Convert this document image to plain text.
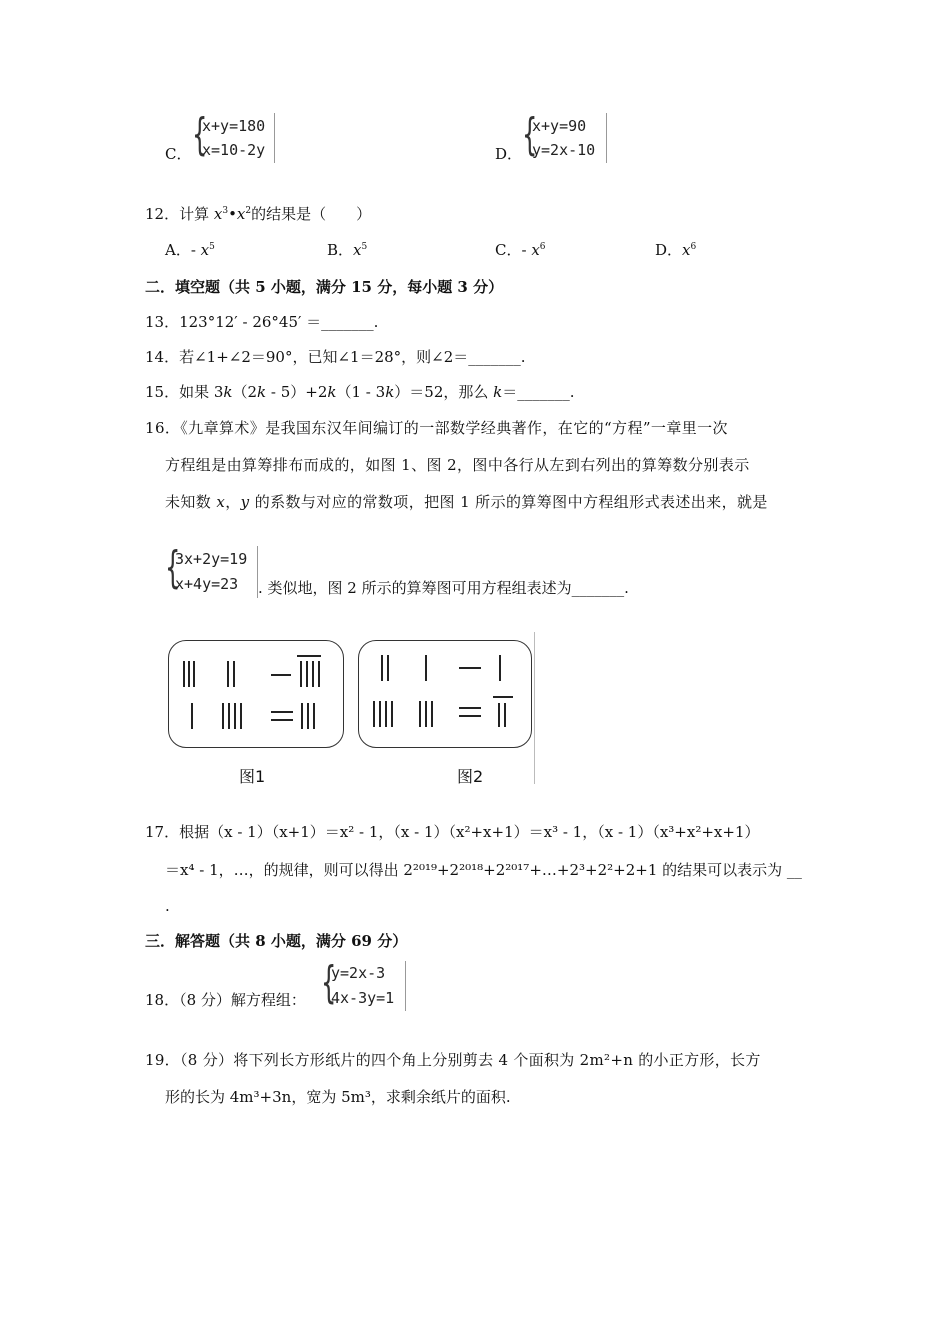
C． {
x+y=180
x=10-2y	D． {
x+y=90
y=2x-10
12．计算 $x^3•x^2$的结果是（　　）
A．- $x^5$	B．$x^5$	C．- $x^6$	D．$x^6$
二．填空题（共 5 小题，满分 15 分，每小题 3 分）
13．123°12′ - 26°45′ ＝_______.
14．若∠1+∠2＝90°，已知∠1＝28°，则∠2＝_______.
15．如果 3k（2k - 5）+2k（1 - 3k）＝52，那么 k＝_______.
16．《九章算术》是我国东汉年间编订的一部数学经典著作，在它的“方程”一章里一次
方程组是由算筹排布而成的，如图 1、图 2，图中各行从左到右列出的算筹数分别表示
未知数 x，y 的系数与对应的常数项，把图 1 所示的算筹图中方程组形式表述出来，就是
{
3x+2y=19
x+4y=23 . 类似地，图 2 所示的算筹图可用方程组表述为_______.
图1	图2
17．根据（x - 1）（x+1）＝x² - 1，（x - 1）（x²+x+1）＝x³ - 1，（x - 1）（x³+x²+x+1）
＝x⁴ - 1，…，的规律，则可以得出 2²⁰¹⁹+2²⁰¹⁸+2²⁰¹⁷+…+2³+2²+2+1 的结果可以表示为 __
.
三．解答题（共 8 小题，满分 69 分）
18．（8 分）解方程组： {
y=2x-3
4x-3y=1
19．（8 分）将下列长方形纸片的四个角上分别剪去 4 个面积为 2m²+n 的小正方形，长方
形的长为 4m³+3n，宽为 5m³，求剩余纸片的面积.
